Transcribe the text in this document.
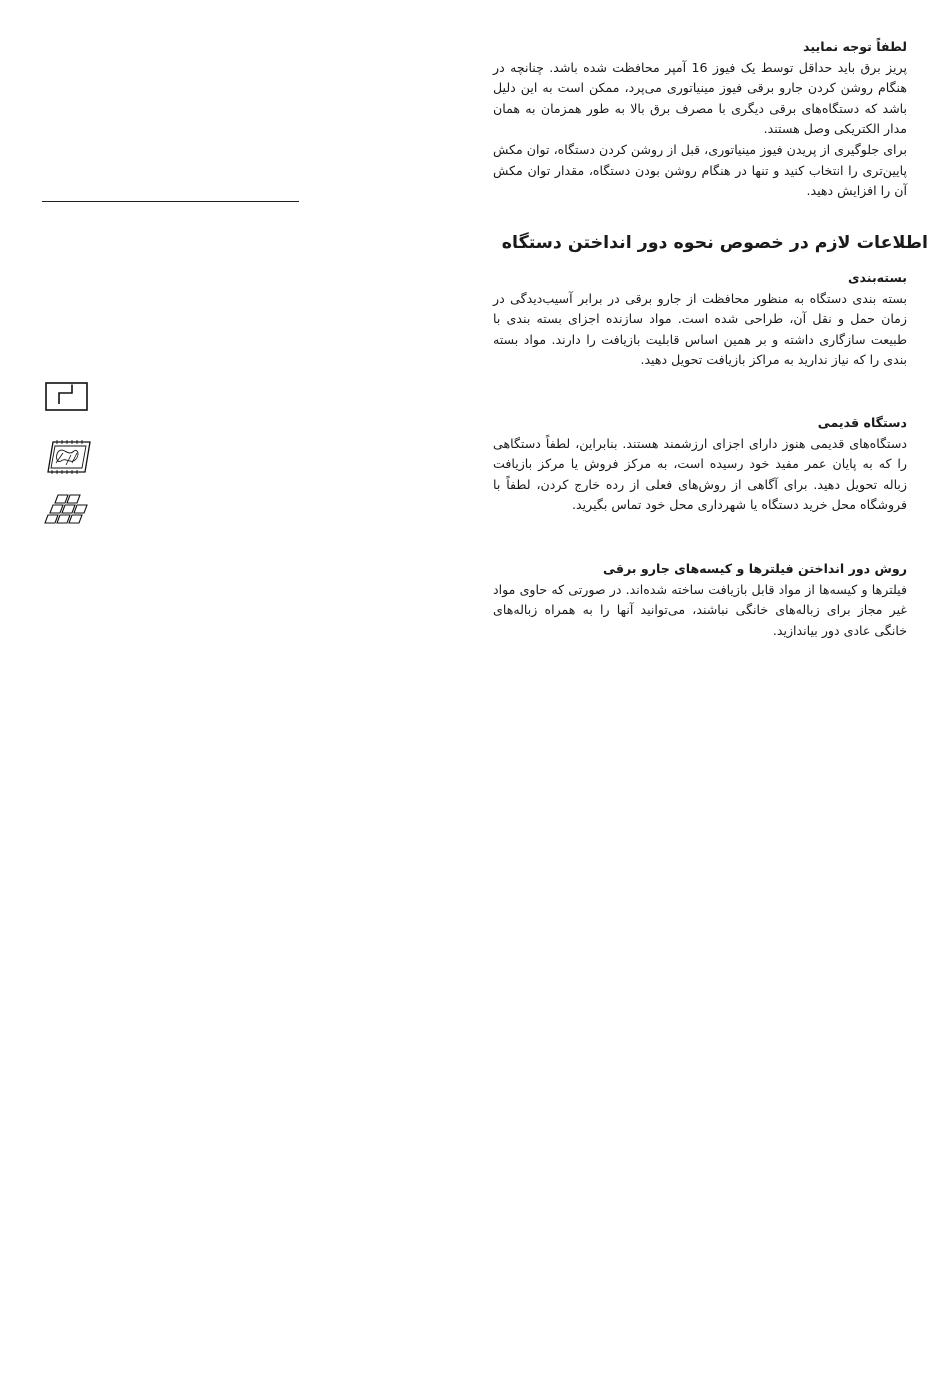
لطفاً توجه نمایید

پریز برق باید حداقل توسط یک فیوز 16 آمپر محافظت شده باشد. چنانچه در هنگام روشن کردن جارو برقی فیوز مینیاتوری می‌پرد، ممکن است به این دلیل باشد که دستگاه‌های برقی دیگری با مصرف برق بالا به طور همزمان به همان مدار الکتریکی وصل هستند.

برای جلوگیری از پریدن فیوز مینیاتوری، قبل از روشن کردن دستگاه، توان مکش پایین‌تری را انتخاب کنید و تنها در هنگام روشن بودن دستگاه، مقدار توان مکش آن را افزایش دهید.

اطلاعات لازم در خصوص نحوه دور انداختن دستگاه
بسته‌بندی

بسته بندی دستگاه به منظور محافظت از جارو برقی در برابر آسیب‌دیدگی در زمان حمل و نقل آن، طراحی شده است. مواد سازنده اجزای بسته بندی با طبیعت سازگاری داشته و بر همین اساس قابلیت بازیافت را دارند. مواد بسته بندی را که نیاز ندارید به مراکز بازیافت تحویل دهید.

دستگاه قدیمی

دستگاه‌های قدیمی هنوز دارای اجزای ارزشمند هستند. بنابراین، لطفاً دستگاهی را که به پایان عمر مفید خود رسیده است، به مرکز فروش یا مرکز بازیافت زباله تحویل دهید. برای آگاهی از روش‌های فعلی از رده خارج کردن، لطفاً با فروشگاه محل خرید دستگاه یا شهرداری محل خود تماس بگیرید.

روش دور انداختن فیلترها و کیسه‌های جارو برقی

فیلترها و کیسه‌ها از مواد قابل بازیافت ساخته شده‌اند. در صورتی که حاوی مواد غیر مجاز برای زباله‌های خانگی نباشند، می‌توانید آنها را به همراه زباله‌های خانگی عادی دور بیاندازید.
